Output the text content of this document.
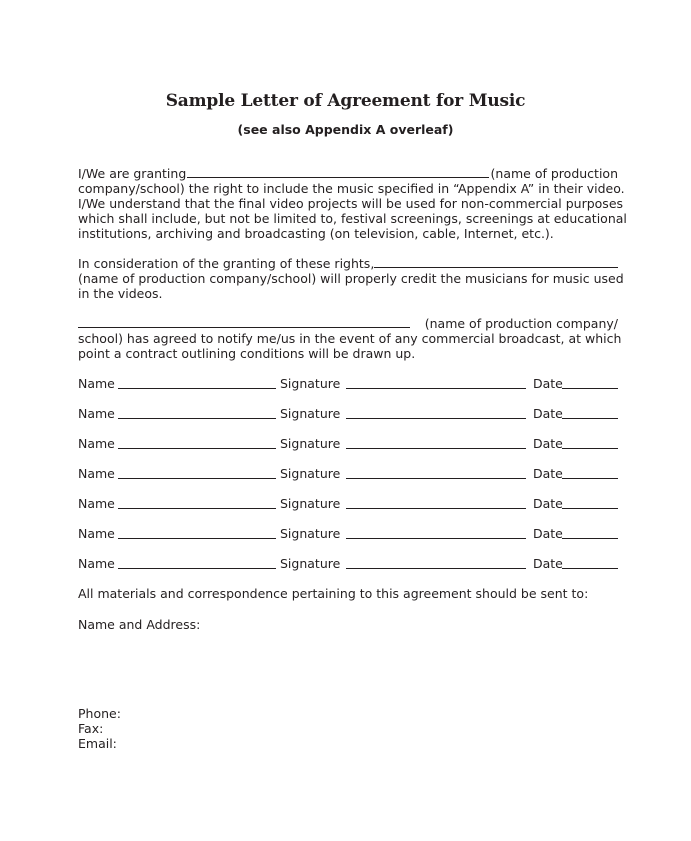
Sample Letter of Agreement for Music
(see also Appendix A overleaf)
I/We are granting	(name of production
company/school) the right to include the music specified in “Appendix A” in their video.
I/We understand that the final video projects will be used for non-commercial purposes
which shall include, but not be limited to, festival screenings, screenings at educational
institutions, archiving and broadcasting (on television, cable, Internet, etc.).
In consideration of the granting of these rights,
(name of production company/school) will properly credit the musicians for music used
in the videos.
(name of production company/
school) has agreed to notify me/us in the event of any commercial broadcast, at which
point a contract outlining conditions will be drawn up.
Name	Signature	Date
Name	Signature	Date
Name	Signature	Date
Name	Signature	Date
Name	Signature	Date
Name	Signature	Date
Name	Signature	Date
All materials and correspondence pertaining to this agreement should be sent to:
Name and Address:
Phone:
Fax:
Email:
